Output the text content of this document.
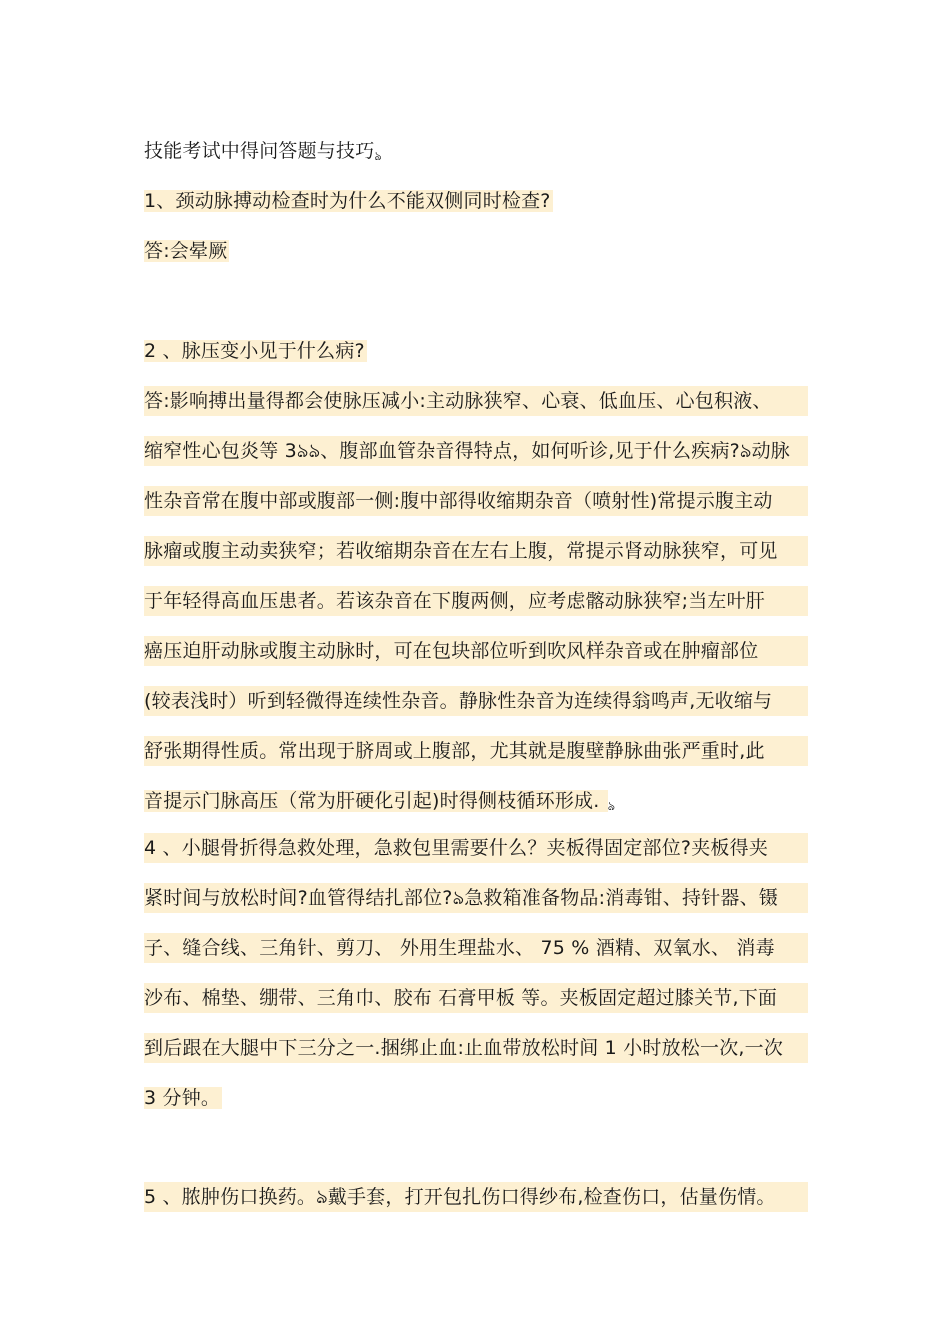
技能考试中得问答题与技巧ঌ
1、颈动脉搏动检查时为什么不能双侧同时检查?
答:会晕厥
2 、脉压变小见于什么病?
答:影响搏出量得都会使脉压减小:主动脉狭窄、心衰、低血压、心包积液、
缩窄性心包炎等 3ঌঌ、腹部血管杂音得特点，如何听诊,见于什么疾病?ঌ动脉
性杂音常在腹中部或腹部一侧:腹中部得收缩期杂音（喷射性)常提示腹主动
脉瘤或腹主动卖狭窄；若收缩期杂音在左右上腹，常提示肾动脉狭窄，可见
于年轻得高血压患者。若该杂音在下腹两侧，应考虑髂动脉狭窄;当左叶肝
癌压迫肝动脉或腹主动脉时，可在包块部位听到吹风样杂音或在肿瘤部位
(较表浅时）听到轻微得连续性杂音。静脉性杂音为连续得翁鸣声,无收缩与
舒张期得性质。常出现于脐周或上腹部，尤其就是腹壁静脉曲张严重时,此
音提示门脉高压（常为肝硬化引起)时得侧枝循环形成. ঌ
4 、小腿骨折得急救处理，急救包里需要什么？夹板得固定部位?夹板得夹
紧时间与放松时间?血管得结扎部位?ঌ急救箱准备物品:消毒钳、持针器、镊
子、缝合线、三角针、剪刀、 外用生理盐水、 75 % 酒精、双氧水、 消毒
沙布、棉垫、绷带、三角巾、胶布 石膏甲板 等。夹板固定超过膝关节,下面
到后跟在大腿中下三分之一.捆绑止血:止血带放松时间 1 小时放松一次,一次
3 分钟。
5 、脓肿伤口换药。ঌ戴手套，打开包扎伤口得纱布,检查伤口，估量伤情。
